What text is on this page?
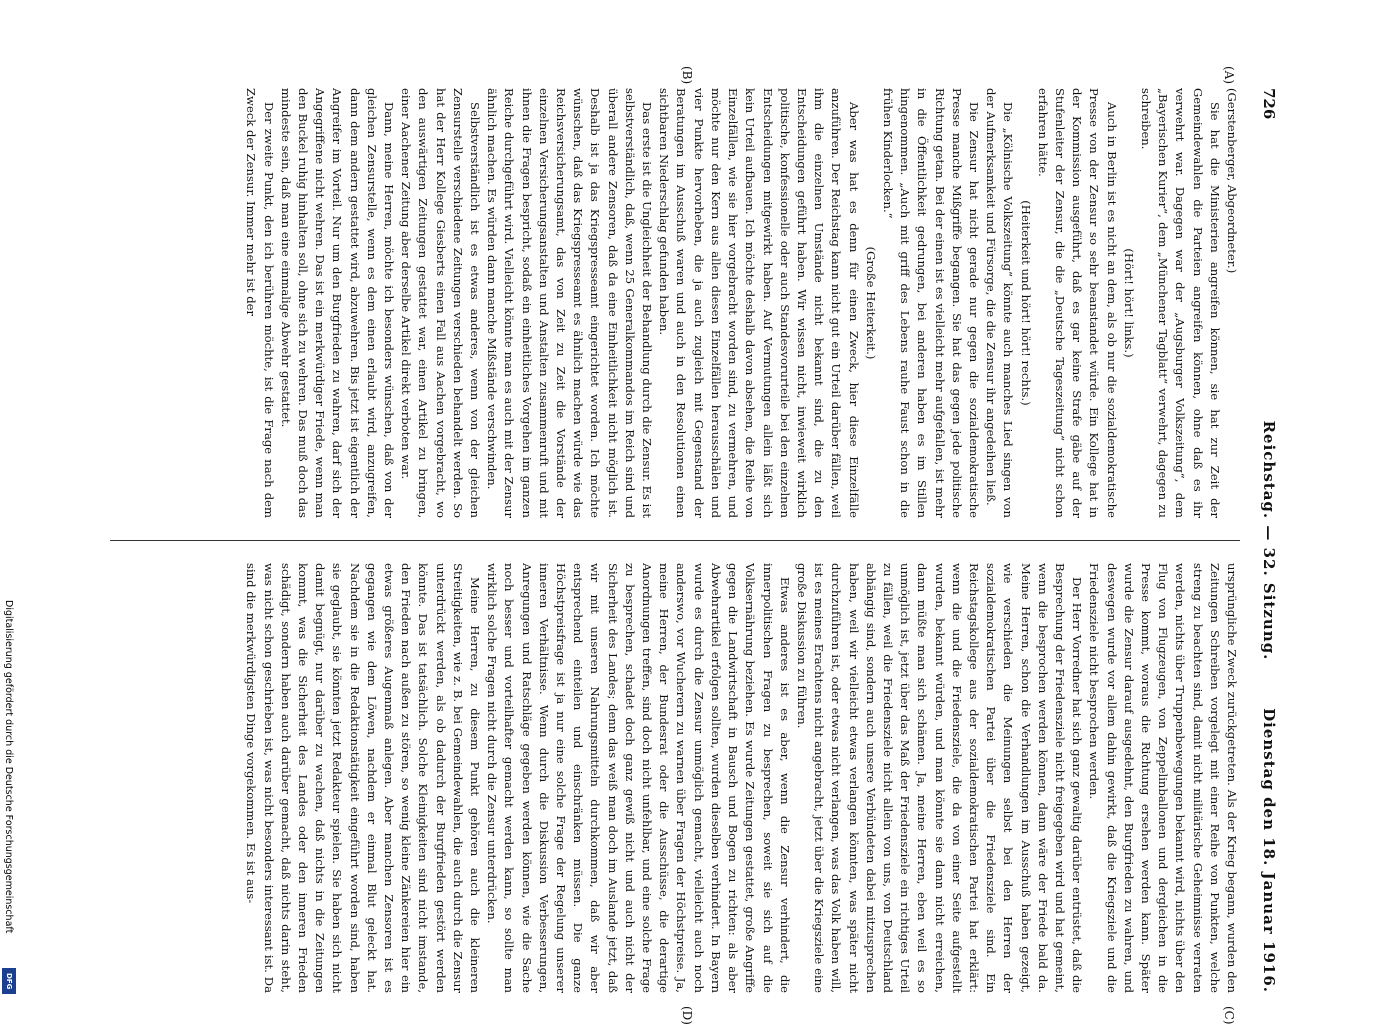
Digitalisierung gefördert durch die Deutsche Forschungsgemeinschaft
DFG
726
Reichstag. — 32. Sitzung.
Dienstag den 18. Januar 1916.
(A)
(B)
(C)
(D)

(Gerstenberger, Abgeordneter.)

Sie hat die Ministerien angreifen können, sie hat zur Zeit der Gemeindewahlen die Parteien angreifen können, ohne daß es ihr verwehrt war. Dagegen war der „Augsburger Volkszeitung“, dem „Bayerischen Kurier“, dem „Münchener Tagblatt“ verwehrt, dagegen zu schreiben.

(Hört! hört! links.)

Auch in Berlin ist es nicht an dem, als ob nur die sozialdemokratische Presse von der Zensur so sehr beanstandet würde. Ein Kollege hat in der Kommission ausgeführt, daß es gar keine Strafe gäbe auf der Stufenleiter der Zensur, die die „Deutsche Tageszeitung“ nicht schon erfahren hätte.

(Heiterkeit und hört! hört! rechts.)

Die „Kölnische Volkszeitung“ könnte auch manches Lied singen von der Aufmerksamkeit und Fürsorge, die die Zensur ihr angedeihen ließ.

Die Zensur hat nicht gerade nur gegen die sozialdemokratische Presse manche Mißgriffe begangen. Sie hat das gegen jede politische Richtung getan. Bei der einen ist es vielleicht mehr aufgefallen, ist mehr in die Öffentlichkeit gedrungen, bei anderen haben es im Stillen hingenommen. „Auch mit griff des Lebens rauhe Faust schon in die frühen Kinderlocken.“

(Große Heiterkeit.)

Aber was hat es denn für einen Zweck, hier diese Einzelfälle anzuführen. Der Reichstag kann nicht gut ein Urteil darüber fällen, weil ihm die einzelnen Umstände nicht bekannt sind, die zu den Entscheidungen geführt haben. Wir wissen nicht, inwieweit wirklich politische, konfessionelle oder auch Standesvorurteile bei den einzelnen Entscheidungen mitgewirkt haben. Auf Vermutungen allein läßt sich kein Urteil aufbauen. Ich möchte deshalb davon absehen, die Reihe von Einzelfällen, wie sie hier vorgebracht worden sind, zu vermehren, und möchte nur den Kern aus allen diesen Einzelfällen herausschälen und vier Punkte hervorheben, die ja auch zugleich mit Gegenstand der Beratungen im Ausschuß waren und auch in den Resolutionen einen sichtbaren Niederschlag gefunden haben.

Das erste ist die Ungleichheit der Behandlung durch die Zensur. Es ist selbstverständlich, daß, wenn 25 Generalkommandos im Reich sind und überall andere Zensoren, daß da eine Einheitlichkeit nicht möglich ist. Deshalb ist ja das Kriegspresseamt eingerichtet worden. Ich möchte wünschen, daß das Kriegspresseamt es ähnlich machen würde wie das Reichsversicherungsamt, das von Zeit zu Zeit die Vorstände der einzelnen Versicherungsanstalten und Anstalten zusammenruft und mit ihnen die Fragen bespricht, sodaß ein einheitliches Vorgehen im ganzen Reiche durchgeführt wird. Vielleicht könnte man es auch mit der Zensur ähnlich machen. Es würden dann manche Mißstände verschwinden.

Selbstverständlich ist es etwas anderes, wenn von der gleichen Zensurstelle verschiedene Zeitungen verschieden behandelt werden. So hat der Herr Kollege Giesberts einen Fall aus Aachen vorgebracht, wo den auswärtigen Zeitungen gestattet war, einen Artikel zu bringen, einer Aachener Zeitung aber derselbe Artikel direkt verboten war.

Dann, meine Herren, möchte ich besonders wünschen, daß von der gleichen Zensurstelle, wenn es dem einen erlaubt wird, anzugreifen, dann dem andern gestattet wird, abzuwehren. Bis jetzt ist eigentlich der Angreifer im Vorteil. Nur um den Burgfrieden zu wahren, darf sich der Angegriffene nicht wehren. Das ist ein merkwürdiger Friede, wenn man den Buckel ruhig hinhalten soll, ohne sich zu wehren. Das muß doch das mindeste sein, daß man eine einmalige Abwehr gestattet.

Der zweite Punkt, den ich berühren möchte, ist die Frage nach dem Zweck der Zensur. Immer mehr ist der

ursprüngliche Zweck zurückgetreten. Als der Krieg begann, wurden den Zeitungen Schreiben vorgelegt mit einer Reihe von Punkten, welche streng zu beachten sind, damit nicht militärische Geheimnisse verraten werden, nichts über Truppenbewegungen bekannt wird, nichts über den Flug von Flugzeugen, von Zeppelinballonen und dergleichen in die Presse kommt, woraus die Richtung ersehen werden kann. Später wurde die Zensur darauf ausgedehnt, den Burgfrieden zu wahren, und deswegen wurde vor allem dahin gewirkt, daß die Kriegsziele und die Friedensziele nicht besprochen werden.

Der Herr Vorredner hat sich ganz gewaltig darüber entrüstet, daß die Besprechung der Friedensziele nicht freigegeben wird und hat gemeint, wenn die besprochen werden können, dann wäre der Friede bald da. Meine Herren, schon die Verhandlungen im Ausschuß haben gezeigt, wie verschieden die Meinungen selbst bei den Herren der sozialdemokratischen Partei über die Friedensziele sind. Ein Reichstagskollege aus der sozialdemokratischen Partei hat erklärt: wenn die und die Friedensziele, die da von einer Seite aufgestellt wurden, bekannt würden, und man könnte sie dann nicht erreichen, dann müßte man sich schämen. Ja, meine Herren, eben weil es so unmöglich ist, jetzt über das Maß der Friedensziele ein richtiges Urteil zu fällen, weil die Friedensziele nicht allein von uns, von Deutschland abhängig sind, sondern auch unsere Verbündeten dabei mitzusprechen haben, weil wir vielleicht etwas verlangen könnten, was später nicht durchzuführen ist, oder etwas nicht verlangen, was das Volk haben will, ist es meines Erachtens nicht angebracht, jetzt über die Kriegsziele eine große Diskussion zu führen.

Etwas anderes ist es aber, wenn die Zensur verhindert, die innerpolitischen Fragen zu besprechen, soweit sie sich auf die Volksernährung beziehen. Es wurde Zeitungen gestattet, große Angriffe gegen die Landwirtschaft in Bausch und Bogen zu richten: als aber Abwehrartikel erfolgen sollten, wurden dieselben verhindert. In Bayern wurde es durch die Zensur unmöglich gemacht, vielleicht auch noch anderswo, vor Wucherern zu warnen über Fragen der Höchstpreise. Ja, meine Herren, der Bundesrat oder die Ausschüsse, die derartige Anordnungen treffen, sind doch nicht unfehlbar, und eine solche Frage zu besprechen, schadet doch ganz gewiß nicht und auch nicht der Sicherheit des Landes; denn das weiß man doch im Auslande jetzt, daß wir mit unseren Nahrungsmitteln durchkommen, daß wir aber entsprechend einteilen und einschränken müssen. Die ganze Höchstpreisfrage ist ja nur eine solche Frage der Regelung unserer inneren Verhältnisse. Wenn durch die Diskussion Verbesserungen, Anregungen und Ratschläge gegeben werden können, wie die Sache noch besser und vorteilhafter gemacht werden kann, so sollte man wirklich solche Fragen nicht durch die Zensur unterdrücken.

Meine Herren, zu diesem Punkt gehören auch die kleineren Streitigkeiten, wie z. B. bei Gemeindewahlen, die auch durch die Zensur unterdrückt werden, als ob dadurch der Burgfrieden gestört werden könnte. Das ist tatsächlich. Solche Kleinigkeiten sind nicht imstande, den Frieden nach außen zu stören, so wenig kleine Zänkereien hier ein etwas größeres Augenmaß anlegen. Aber manchen Zensoren ist es gegangen wie dem Löwen, nachdem er einmal Blut geleckt hat. Nachdem sie in die Redaktionstätigkeit eingeführt worden sind, haben sie geglaubt, sie könnten jetzt Redakteur spielen. Sie haben sich nicht damit begnügt, nur darüber zu wachen, daß nichts in die Zeitungen kommt, was die Sicherheit des Landes oder den inneren Frieden schädigt, sondern haben auch darüber gemacht, daß nichts darin steht, was nicht schon geschrieben ist, was nicht besonders interessant ist. Da sind die merkwürdigsten Dinge vorgekommen. Es ist aus-
